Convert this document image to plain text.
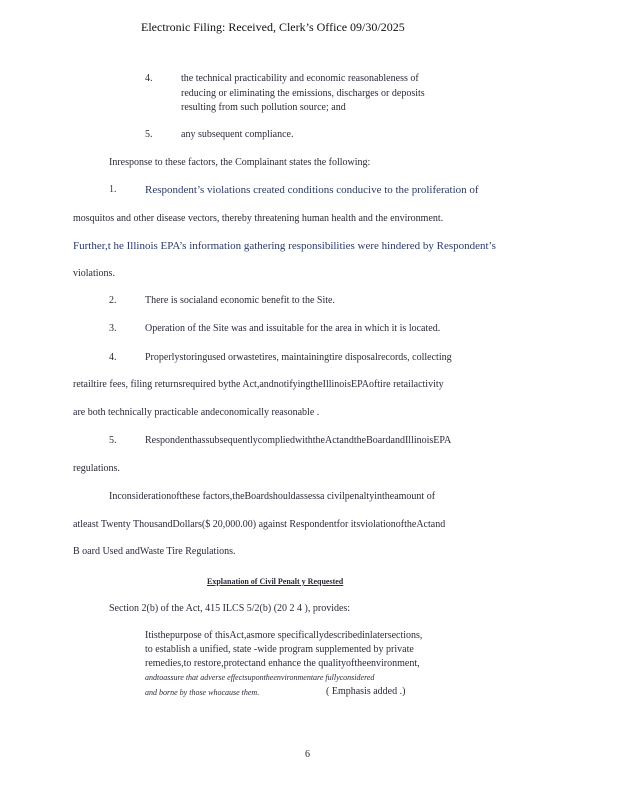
Electronic Filing: Received, Clerk’s Office 09/30/2025
4.	the technical practicability and economic reasonableness of
reducing or eliminating the emissions, discharges or deposits
resulting from such pollution source; and
5.	any subsequent compliance.
Inresponse to these factors, the Complainant states the following:
1.	Respondent’s violations created conditions conducive to the proliferation of
mosquitos and other disease vectors, thereby threatening human health and the environment.
Further,t he Illinois EPA’s information gathering responsibilities were hindered by Respondent’s
violations.
2.	There is socialand economic benefit to the Site.
3.	Operation of the Site was and issuitable for the area in which it is located.
4.	Properlystoringused orwastetires, maintainingtire disposalrecords, collecting
retailtire fees, filing returnsrequired bythe Act,andnotifyingtheIllinoisEPAoftire retailactivity
are both technically practicable andeconomically reasonable .
5.	RespondenthassubsequentlycompliedwiththeActandtheBoardandIllinoisEPA
regulations.
Inconsiderationofthese factors,theBoardshouldassessa civilpenaltyintheamount of
atleast Twenty ThousandDollars($ 20,000.00) against Respondentfor itsviolationoftheActand
B oard Used andWaste Tire Regulations.
Explanation of Civil Penalt y Requested
Section 2(b) of the Act, 415 ILCS 5/2(b) (20 2 4 ), provides:
Itisthepurpose of thisAct,asmore specificallydescribedinlatersections,
to establish a unified, state -wide program supplemented by private
remedies,to restore,protectand enhance the qualityoftheenvironment,
andtoassure that adverse effectsupontheenvironmentare fullyconsidered
and borne by those whocause them.	( Emphasis added .)
6
